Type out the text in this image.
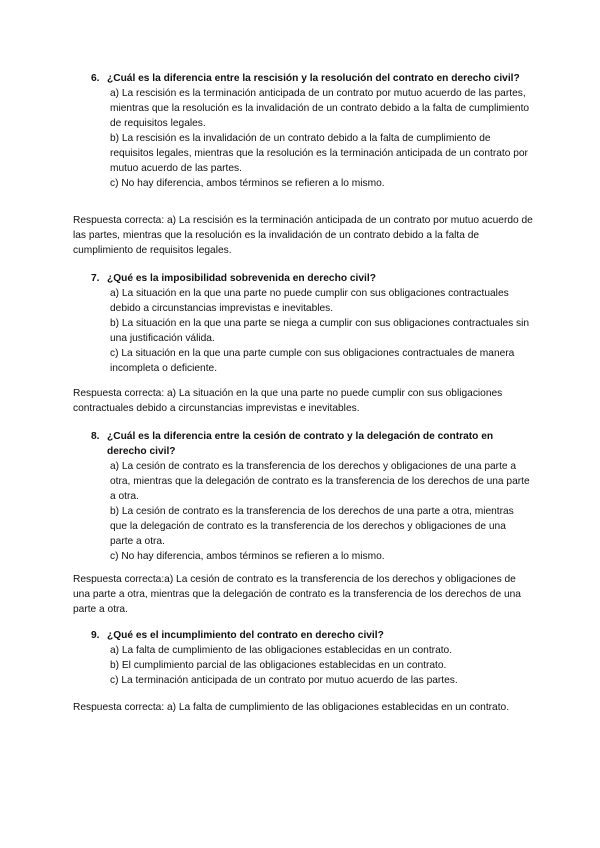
6. ¿Cuál es la diferencia entre la rescisión y la resolución del contrato en derecho civil?
a) La rescisión es la terminación anticipada de un contrato por mutuo acuerdo de las partes, mientras que la resolución es la invalidación de un contrato debido a la falta de cumplimiento de requisitos legales.
b) La rescisión es la invalidación de un contrato debido a la falta de cumplimiento de requisitos legales, mientras que la resolución es la terminación anticipada de un contrato por mutuo acuerdo de las partes.
c) No hay diferencia, ambos términos se refieren a lo mismo.
Respuesta correcta: a) La rescisión es la terminación anticipada de un contrato por mutuo acuerdo de las partes, mientras que la resolución es la invalidación de un contrato debido a la falta de cumplimiento de requisitos legales.
7. ¿Qué es la imposibilidad sobrevenida en derecho civil?
a) La situación en la que una parte no puede cumplir con sus obligaciones contractuales debido a circunstancias imprevistas e inevitables.
b) La situación en la que una parte se niega a cumplir con sus obligaciones contractuales sin una justificación válida.
c) La situación en la que una parte cumple con sus obligaciones contractuales de manera incompleta o deficiente.
Respuesta correcta: a) La situación en la que una parte no puede cumplir con sus obligaciones contractuales debido a circunstancias imprevistas e inevitables.
8. ¿Cuál es la diferencia entre la cesión de contrato y la delegación de contrato en derecho civil?
a) La cesión de contrato es la transferencia de los derechos y obligaciones de una parte a otra, mientras que la delegación de contrato es la transferencia de los derechos de una parte a otra.
b) La cesión de contrato es la transferencia de los derechos de una parte a otra, mientras que la delegación de contrato es la transferencia de los derechos y obligaciones de una parte a otra.
c) No hay diferencia, ambos términos se refieren a lo mismo.
Respuesta correcta:a) La cesión de contrato es la transferencia de los derechos y obligaciones de una parte a otra, mientras que la delegación de contrato es la transferencia de los derechos de una parte a otra.
9. ¿Qué es el incumplimiento del contrato en derecho civil?
a) La falta de cumplimiento de las obligaciones establecidas en un contrato.
b) El cumplimiento parcial de las obligaciones establecidas en un contrato.
c) La terminación anticipada de un contrato por mutuo acuerdo de las partes.
Respuesta correcta: a) La falta de cumplimiento de las obligaciones establecidas en un contrato.
